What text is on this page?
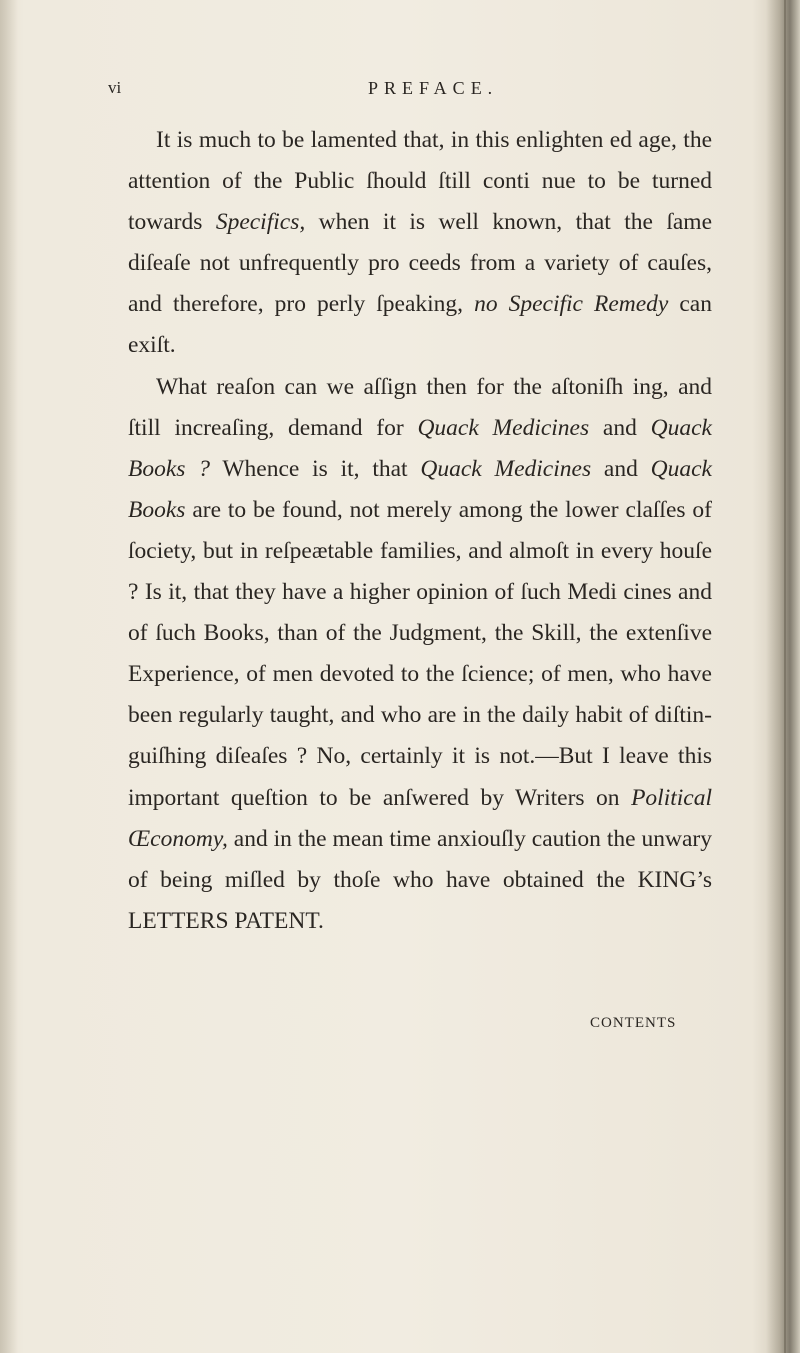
vi	PREFACE.

It is much to be lamented that, in this enlighten ed age, the attention of the Public ſhould ſtill conti nue to be turned towards Specifics, when it is well known, that the ſame diſeaſe not unfrequently pro ceeds from a variety of cauſes, and therefore, pro perly ſpeaking, no Specific Remedy can exiſt.

What reaſon can we aſſign then for the aſtoniſh ing, and ſtill increaſing, demand for Quack Medicines and Quack Books ? Whence is it, that Quack Medicines and Quack Books are to be found, not merely among the lower claſſes of ſociety, but in reſpeætable families, and almoſt in every houſe ? Is it, that they have a higher opinion of ſuch Medi cines and of ſuch Books, than of the Judgment, the Skill, the extenſive Experience, of men devoted to the ſcience; of men, who have been regularly taught, and who are in the daily habit of diſtin guiſhing diſeaſes ? No, certainly it is not.—But I leave this important queſtion to be anſwered by Writers on Political Œconomy, and in the mean time anxiouſly caution the unwary of being miſled by thoſe who have obtained the KING’s LETTERS PATENT.

CONTENTS
